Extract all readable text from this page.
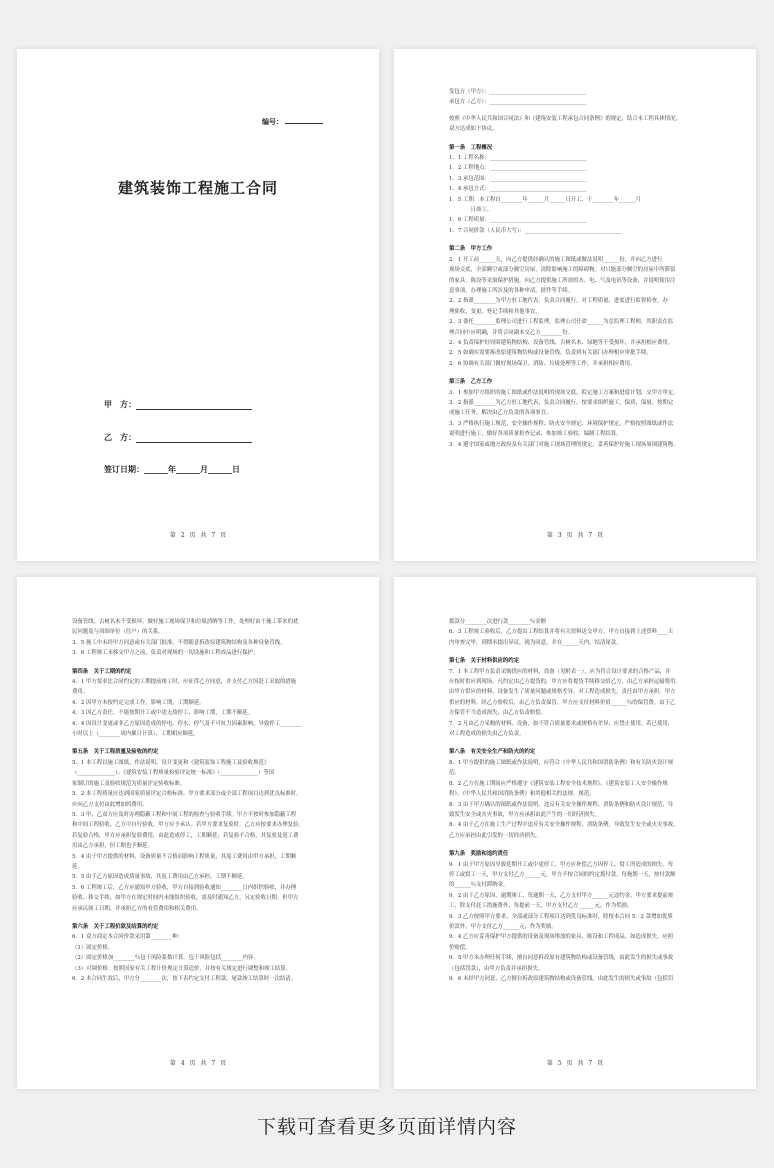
编号：
建筑装饰工程施工合同
甲　方：
乙　方：
签订日期：______年______月______日
第 2 页 共 7 页
发包方（甲方）：____________________________________
承包方（乙方）：____________________________________
按照《中华人民共和国合同法》和《建筑安装工程承包合同条例》的规定，结合本工程具体情况，
双方达成如下协议。
第一条　工程概况
1．1 工程名称：____________________________________
1．2 工程地点：____________________________________
1．3 承包范围：____________________________________
1．4 承包方式：____________________________________
1．5 工期：本工程自________年______月______日开工，于________年______月
　　　　日竣工。
1．6 工程质量：____________________________________
1．7 合同价款（人民币大写）：____________________________________
第二条　甲方工作
2．1 开工前______天，向乙方提供经确认的施工图纸或做法说明______份，并向乙方进行
现场交底，全部腾空或部分腾空房屋，清除影响施工的障碍物。对只能部分腾空的房屋中所滞留
的家具、陈设等采取保护措施。向乙方提供施工所需的水、电、气及电讯等设备，并说明使用注
意事项。办理施工所涉及的各种申请、批件等手续。
2．2 指派________为甲方驻工地代表，负责合同履行。对工程质量、进度进行监督检查，办
理验收、变更、登记手续和其他事宜。
2．3 委托________监理公司进行工程监理，监理公司任命______为总监理工程师，其职责在监
理合同中应明确，并将合同副本交乙方________份。
2．4 负责保护好周围建筑物结构、设备管线、古树名木、绿地等不受损坏，并承担相应费用。
2．5 如确实需要拆改原建筑物结构或设备管线，负责到有关部门办理相应审批手续。
2．6 协调有关部门做好现场保卫、消防、垃圾处理等工作，并承担相应费用。
第三条　乙方工作
3．1 参加甲方组织的施工图纸或作法说明的现场交底，拟定施工方案和进度计划，交甲方审定。
3．2 指派________为乙方驻工地代表，负责合同履行。按要求组织施工，保质、保量、按期完
成施工任务，解决由乙方负责的各项事宜。
3．3 严格执行施工规范、安全操作规程、防火安全规定、环境保护规定。严格按照图纸或作法
说明进行施工，做好各项质量检查记录，参加竣工验收，编制工程结算。
3．4 遵守国家或地方政府及有关部门对施工现场管理的规定，妥善保护好施工现场周围建筑物。
第 3 页 共 7 页
设备管线、古树名木不受损坏。做好施工现场保卫和垃圾消纳等工作，处理好由于施工带来的扰
民问题及与周围单位（住户）的关系。
3．5 施工中未经甲方同意或有关部门批准，不得随意拆改原建筑物结构及各种设备管线。
3．6 工程竣工未移交甲方之前，负责对现场的一切设施和工程成品进行保护。
第四条　关于工期的约定
4．1 甲方要求比合同约定的工期提前竣工时，应征得乙方同意，并支付乙方因赶工采取的措施
费用。
4．2 因甲方未按约定完成工作，影响工期，工期顺延。
4．3 因乙方责任，不能按期开工或中途无故停工，影响工期，工期不顺延。
4．4 因设计变更或非乙方原因造成的停电、停水、停气及不可抗力因素影响，导致停工________
小时以上（________周内累计计算），工期相应顺延。
第五条　关于工程质量及验收的约定
5．1 本工程以施工图纸、作法说明、设计变更和《建筑装饰工程施工及验收规范》
（______________）、《建筑安装工程质量检验评定统一标准》（______________）等国
家制订的施工及验收规范为质量评定验收标准。
5．2 本工程质量应达到国家质量评定合格标准。甲方要求部分或全部工程项目达到优良标准时，
应向乙方支付由此增加的费用。
5．3 甲、乙双方应及时办理隐蔽工程和中间工程的检查与验收手续。甲方不按时参加隐蔽工程
和中间工程验收，乙方可自行验收，甲方应予承认。若甲方要求复验时，乙方应按要求办理复验。
若复验合格，甲方应承担复验费用，由此造成停工，工期顺延；若复验不合格，其复验及返工费
用由乙方承担，但工期也予顺延。
5．4 由于甲方提供的材料、设备质量不合格而影响工程质量，其返工费用由甲方承担，工期顺
延。
5．5 由于乙方原因造成质量事故，其返工费用由乙方承担，工期不顺延。
5．6 工程竣工后，乙方应通知甲方验收，甲方自接到验收通知________日内组织验收，并办理
验收、移交手续。如甲方在规定时间内未能组织验收，需及时通知乙方，另定验收日期。但甲方
应承认竣工日期，并承担乙方的看管费用和相关费用。
第六条　关于工程价款及结算的约定
6．1 双方商定本合同价款采用第________种：
（1）固定价格。
（2）固定价格加________％包干风险系数计算。包干风险包括________内容。
（3）可调价格：按照国家有关工程计价规定计算造价，并按有关规定进行调整和竣工结算。
6．2 本合同生效后，甲方分________次，按下表约定支付工程款，尾款竣工结算时一次结清。
第 4 页 共 7 页
拨款分________次进行款________％金额
6．3 工程竣工验收后，乙方提出工程结算并将有关资料送交甲方。甲方自接到上述资料____天
内审查完毕，到期未提出异议，视为同意，并在______天内，结清尾款。
第七条　关于材料供应的约定
7．1 本工程甲方负责采购供应的材料、设备（见附表一），应为符合设计要求的合格产品，并
应按时供应到现场。凡约定由乙方提货的，甲方应将提货手续移交给乙方，由乙方承担运输费用。
由甲方供应的材料、设备发生了质量问题或规格差异，对工程造成损失，责任由甲方承担。甲方
供应的材料，经乙方验收后，由乙方负责保管，甲方应支付材料价值______％的保管费。由于乙
方保管不当造成损失，由乙方负责赔偿。
7．2 凡由乙方采购的材料、设备，如不符合质量要求或规格有差异，应禁止使用。若已使用，
对工程造成的损失由乙方负责。
第八条　有关安全生产和防火的约定
8．1 甲方提供的施工图纸或作法说明，应符合《中华人民共和国消防条例》和有关防火设计规
范。
8．2 乙方在施工期间应严格遵守《建筑安装工程安全技术规程》、《建筑安装工人安全操作规
程》、《中华人民共和国消防条例》和其他相关的法规、规范。
8．3 由于甲方确认的图纸或作法说明，违反有关安全操作规程、消防条例和防火设计规范，导
致发生安全或火灾事故，甲方应承担由此产生的一切经济损失。
8．4 由于乙方在施工生产过程中违反有关安全操作规程、消防条例，导致发生安全或火灾事故，
乙方应承担由此引发的一切经济损失。
第九条　奖励和违约责任
9．1 由于甲方原因导致延期开工或中途停工，甲方应补偿乙方因停工、窝工所造成的损失。每
停工或窝工一天，甲方支付乙方______元。甲方不按合同的约定拨付款，每拖期一天，按付款额
的______％支付滞纳金。
9．2 由于乙方原因，逾期竣工，每逾期一天，乙方支付甲方______元违约金。甲方要求提前竣
工，除支付赶工措施费外，每提前一天，甲方支付乙方______元，作为奖励。
9．3 乙方按照甲方要求，全部或部分工程项目达到优良标准时，除按本合同 5．2 款增加优质
价款外，甲方支付乙方______元，作为奖励。
9．4 乙方应妥善保护甲方提供的设备及现场堆放的家具、陈设和工程成品，如造成损失，应照
价赔偿。
9．5 甲方未办理任何手续，擅自同意拆改原有建筑物结构或设备管线，由此发生的损失或事故
（包括罚款），由甲方负责并承担损失。
9．6 未经甲方同意，乙方擅自拆改原建筑物结构或设备管线，由此发生的损失或事故（包括罚
第 5 页 共 7 页
下载可查看更多页面详情内容
